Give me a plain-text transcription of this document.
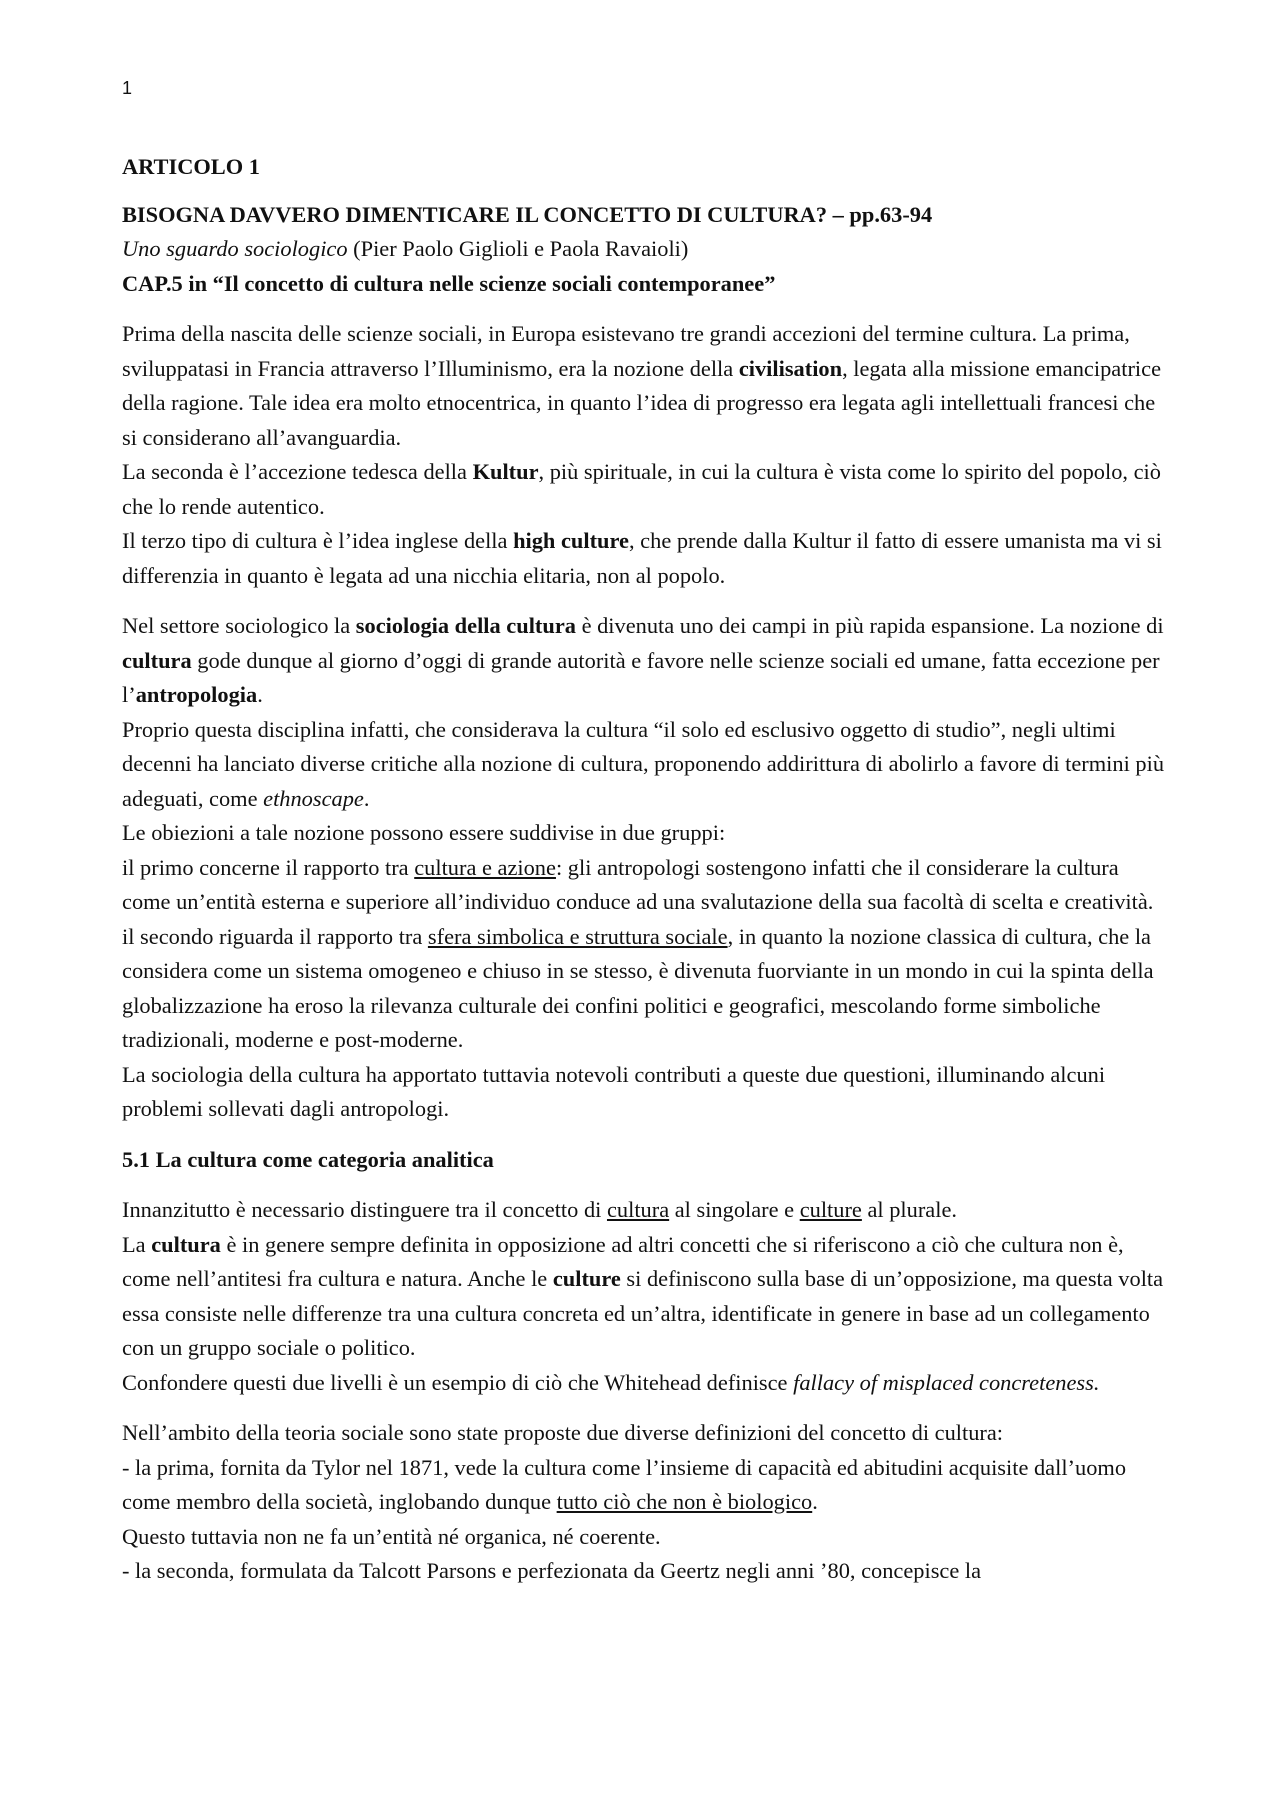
1

ARTICOLO 1

BISOGNA DAVVERO DIMENTICARE IL CONCETTO DI CULTURA? – pp.63-94

Uno sguardo sociologico (Pier Paolo Giglioli e Paola Ravaioli)

CAP.5 in “Il concetto di cultura nelle scienze sociali contemporanee”

Prima della nascita delle scienze sociali, in Europa esistevano tre grandi accezioni del termine cultura. La prima, sviluppatasi in Francia attraverso l’Illuminismo, era la nozione della civilisation, legata alla missione emancipatrice della ragione. Tale idea era molto etnocentrica, in quanto l’idea di progresso era legata agli intellettuali francesi che si considerano all’avanguardia.

La seconda è l’accezione tedesca della Kultur, più spirituale, in cui la cultura è vista come lo spirito del popolo, ciò che lo rende autentico.

Il terzo tipo di cultura è l’idea inglese della high culture, che prende dalla Kultur il fatto di essere umanista ma vi si differenzia in quanto è legata ad una nicchia elitaria, non al popolo.

Nel settore sociologico la sociologia della cultura è divenuta uno dei campi in più rapida espansione. La nozione di cultura gode dunque al giorno d’oggi di grande autorità e favore nelle scienze sociali ed umane, fatta eccezione per l’antropologia.

Proprio questa disciplina infatti, che considerava la cultura “il solo ed esclusivo oggetto di studio”, negli ultimi decenni ha lanciato diverse critiche alla nozione di cultura, proponendo addirittura di abolirlo a favore di termini più adeguati, come ethnoscape.

Le obiezioni a tale nozione possono essere suddivise in due gruppi:

il primo concerne il rapporto tra cultura e azione: gli antropologi sostengono infatti che il considerare la cultura come un’entità esterna e superiore all’individuo conduce ad una svalutazione della sua facoltà di scelta e creatività.

il secondo riguarda il rapporto tra sfera simbolica e struttura sociale, in quanto la nozione classica di cultura, che la considera come un sistema omogeneo e chiuso in se stesso, è divenuta fuorviante in un mondo in cui la spinta della globalizzazione ha eroso la rilevanza culturale dei confini politici e geografici, mescolando forme simboliche tradizionali, moderne e post-moderne.

La sociologia della cultura ha apportato tuttavia notevoli contributi a queste due questioni, illuminando alcuni problemi sollevati dagli antropologi.

5.1 La cultura come categoria analitica

Innanzitutto è necessario distinguere tra il concetto di cultura al singolare e culture al plurale.

La cultura è in genere sempre definita in opposizione ad altri concetti che si riferiscono a ciò che cultura non è, come nell’antitesi fra cultura e natura. Anche le culture si definiscono sulla base di un’opposizione, ma questa volta essa consiste nelle differenze tra una cultura concreta ed un’altra, identificate in genere in base ad un collegamento con un gruppo sociale o politico.

Confondere questi due livelli è un esempio di ciò che Whitehead definisce fallacy of misplaced concreteness.

Nell’ambito della teoria sociale sono state proposte due diverse definizioni del concetto di cultura:

- la prima, fornita da Tylor nel 1871, vede la cultura come l’insieme di capacità ed abitudini acquisite dall’uomo come membro della società, inglobando dunque tutto ciò che non è biologico.

Questo tuttavia non ne fa un’entità né organica, né coerente.

- la seconda, formulata da Talcott Parsons e perfezionata da Geertz negli anni ’80, concepisce la
